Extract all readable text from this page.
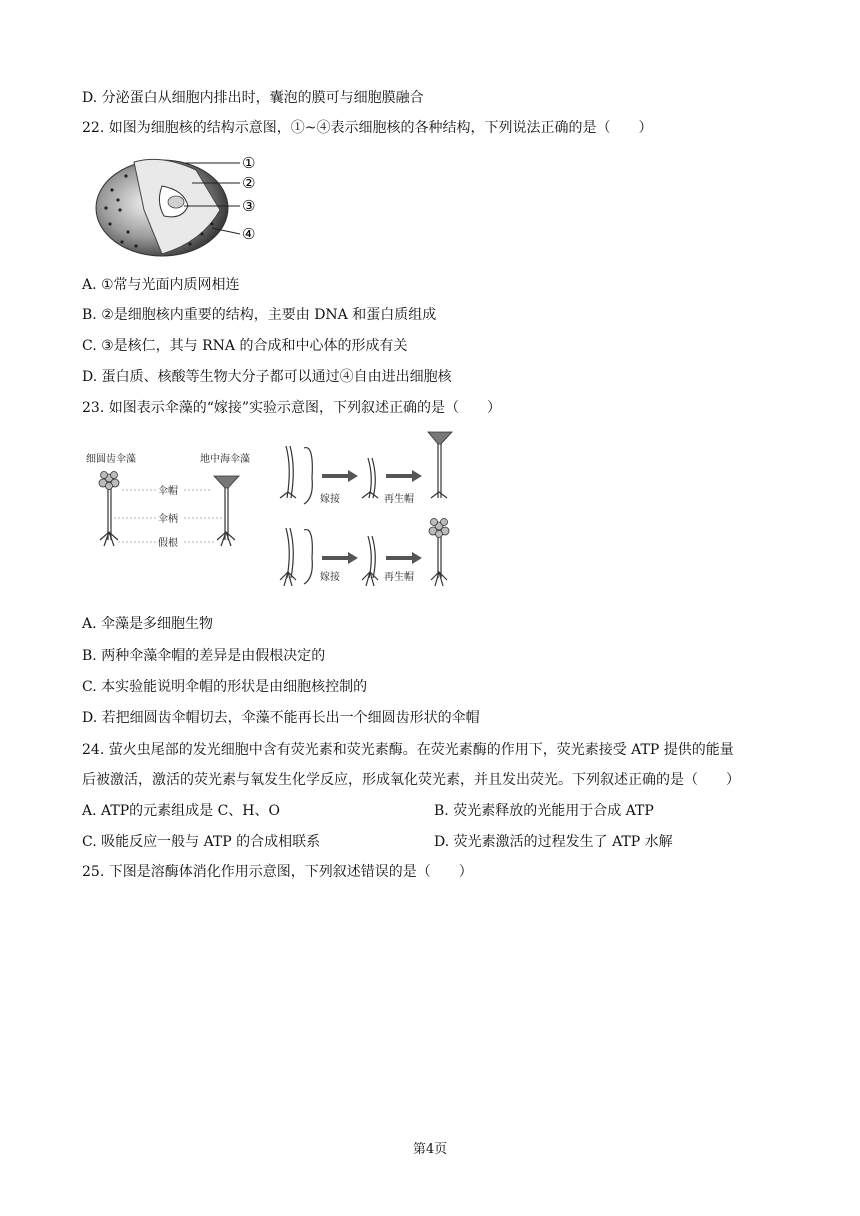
D. 分泌蛋白从细胞内排出时，囊泡的膜可与细胞膜融合
22. 如图为细胞核的结构示意图，①~④表示细胞核的各种结构，下列说法正确的是（　　）
①
②
③
④
A. ①常与光面内质网相连
B. ②是细胞核内重要的结构，主要由 DNA 和蛋白质组成
C. ③是核仁，其与 RNA 的合成和中心体的形成有关
D. 蛋白质、核酸等生物大分子都可以通过④自由进出细胞核
23. 如图表示伞藻的“嫁接”实验示意图，下列叙述正确的是（　　）
细圆齿伞藻	地中海伞藻
伞帽
伞柄
假根
嫁接	再生帽
嫁接	再生帽
A. 伞藻是多细胞生物
B. 两种伞藻伞帽的差异是由假根决定的
C. 本实验能说明伞帽的形状是由细胞核控制的
D. 若把细圆齿伞帽切去，伞藻不能再长出一个细圆齿形状的伞帽
24. 萤火虫尾部的发光细胞中含有荧光素和荧光素酶。在荧光素酶的作用下，荧光素接受 ATP 提供的能量
后被激活，激活的荧光素与氧发生化学反应，形成氧化荧光素，并且发出荧光。下列叙述正确的是（　　）
A. ATP的元素组成是 C、H、O	B. 荧光素释放的光能用于合成 ATP
C. 吸能反应一般与 ATP 的合成相联系	D. 荧光素激活的过程发生了 ATP 水解
25. 下图是溶酶体消化作用示意图，下列叙述错误的是（　　）
第4页
